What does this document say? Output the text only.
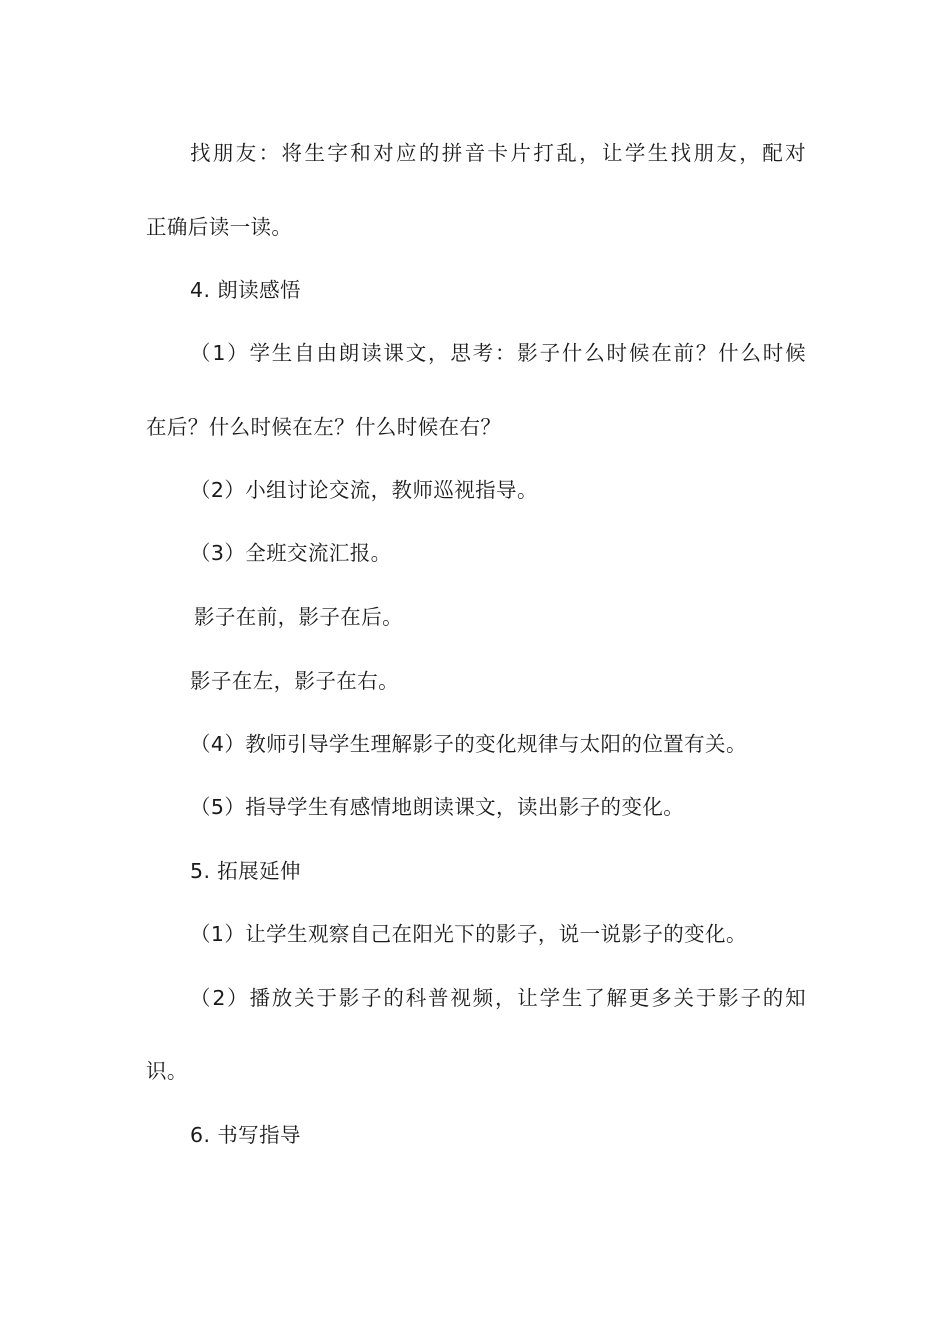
找朋友：将生字和对应的拼音卡片打乱，让学生找朋友，配对
正确后读一读。
4. 朗读感悟
（1）学生自由朗读课文，思考：影子什么时候在前？什么时候
在后？什么时候在左？什么时候在右？
（2）小组讨论交流，教师巡视指导。
（3）全班交流汇报。
影子在前，影子在后。
影子在左，影子在右。
（4）教师引导学生理解影子的变化规律与太阳的位置有关。
（5）指导学生有感情地朗读课文，读出影子的变化。
5. 拓展延伸
（1）让学生观察自己在阳光下的影子，说一说影子的变化。
（2）播放关于影子的科普视频，让学生了解更多关于影子的知
识。
6. 书写指导
